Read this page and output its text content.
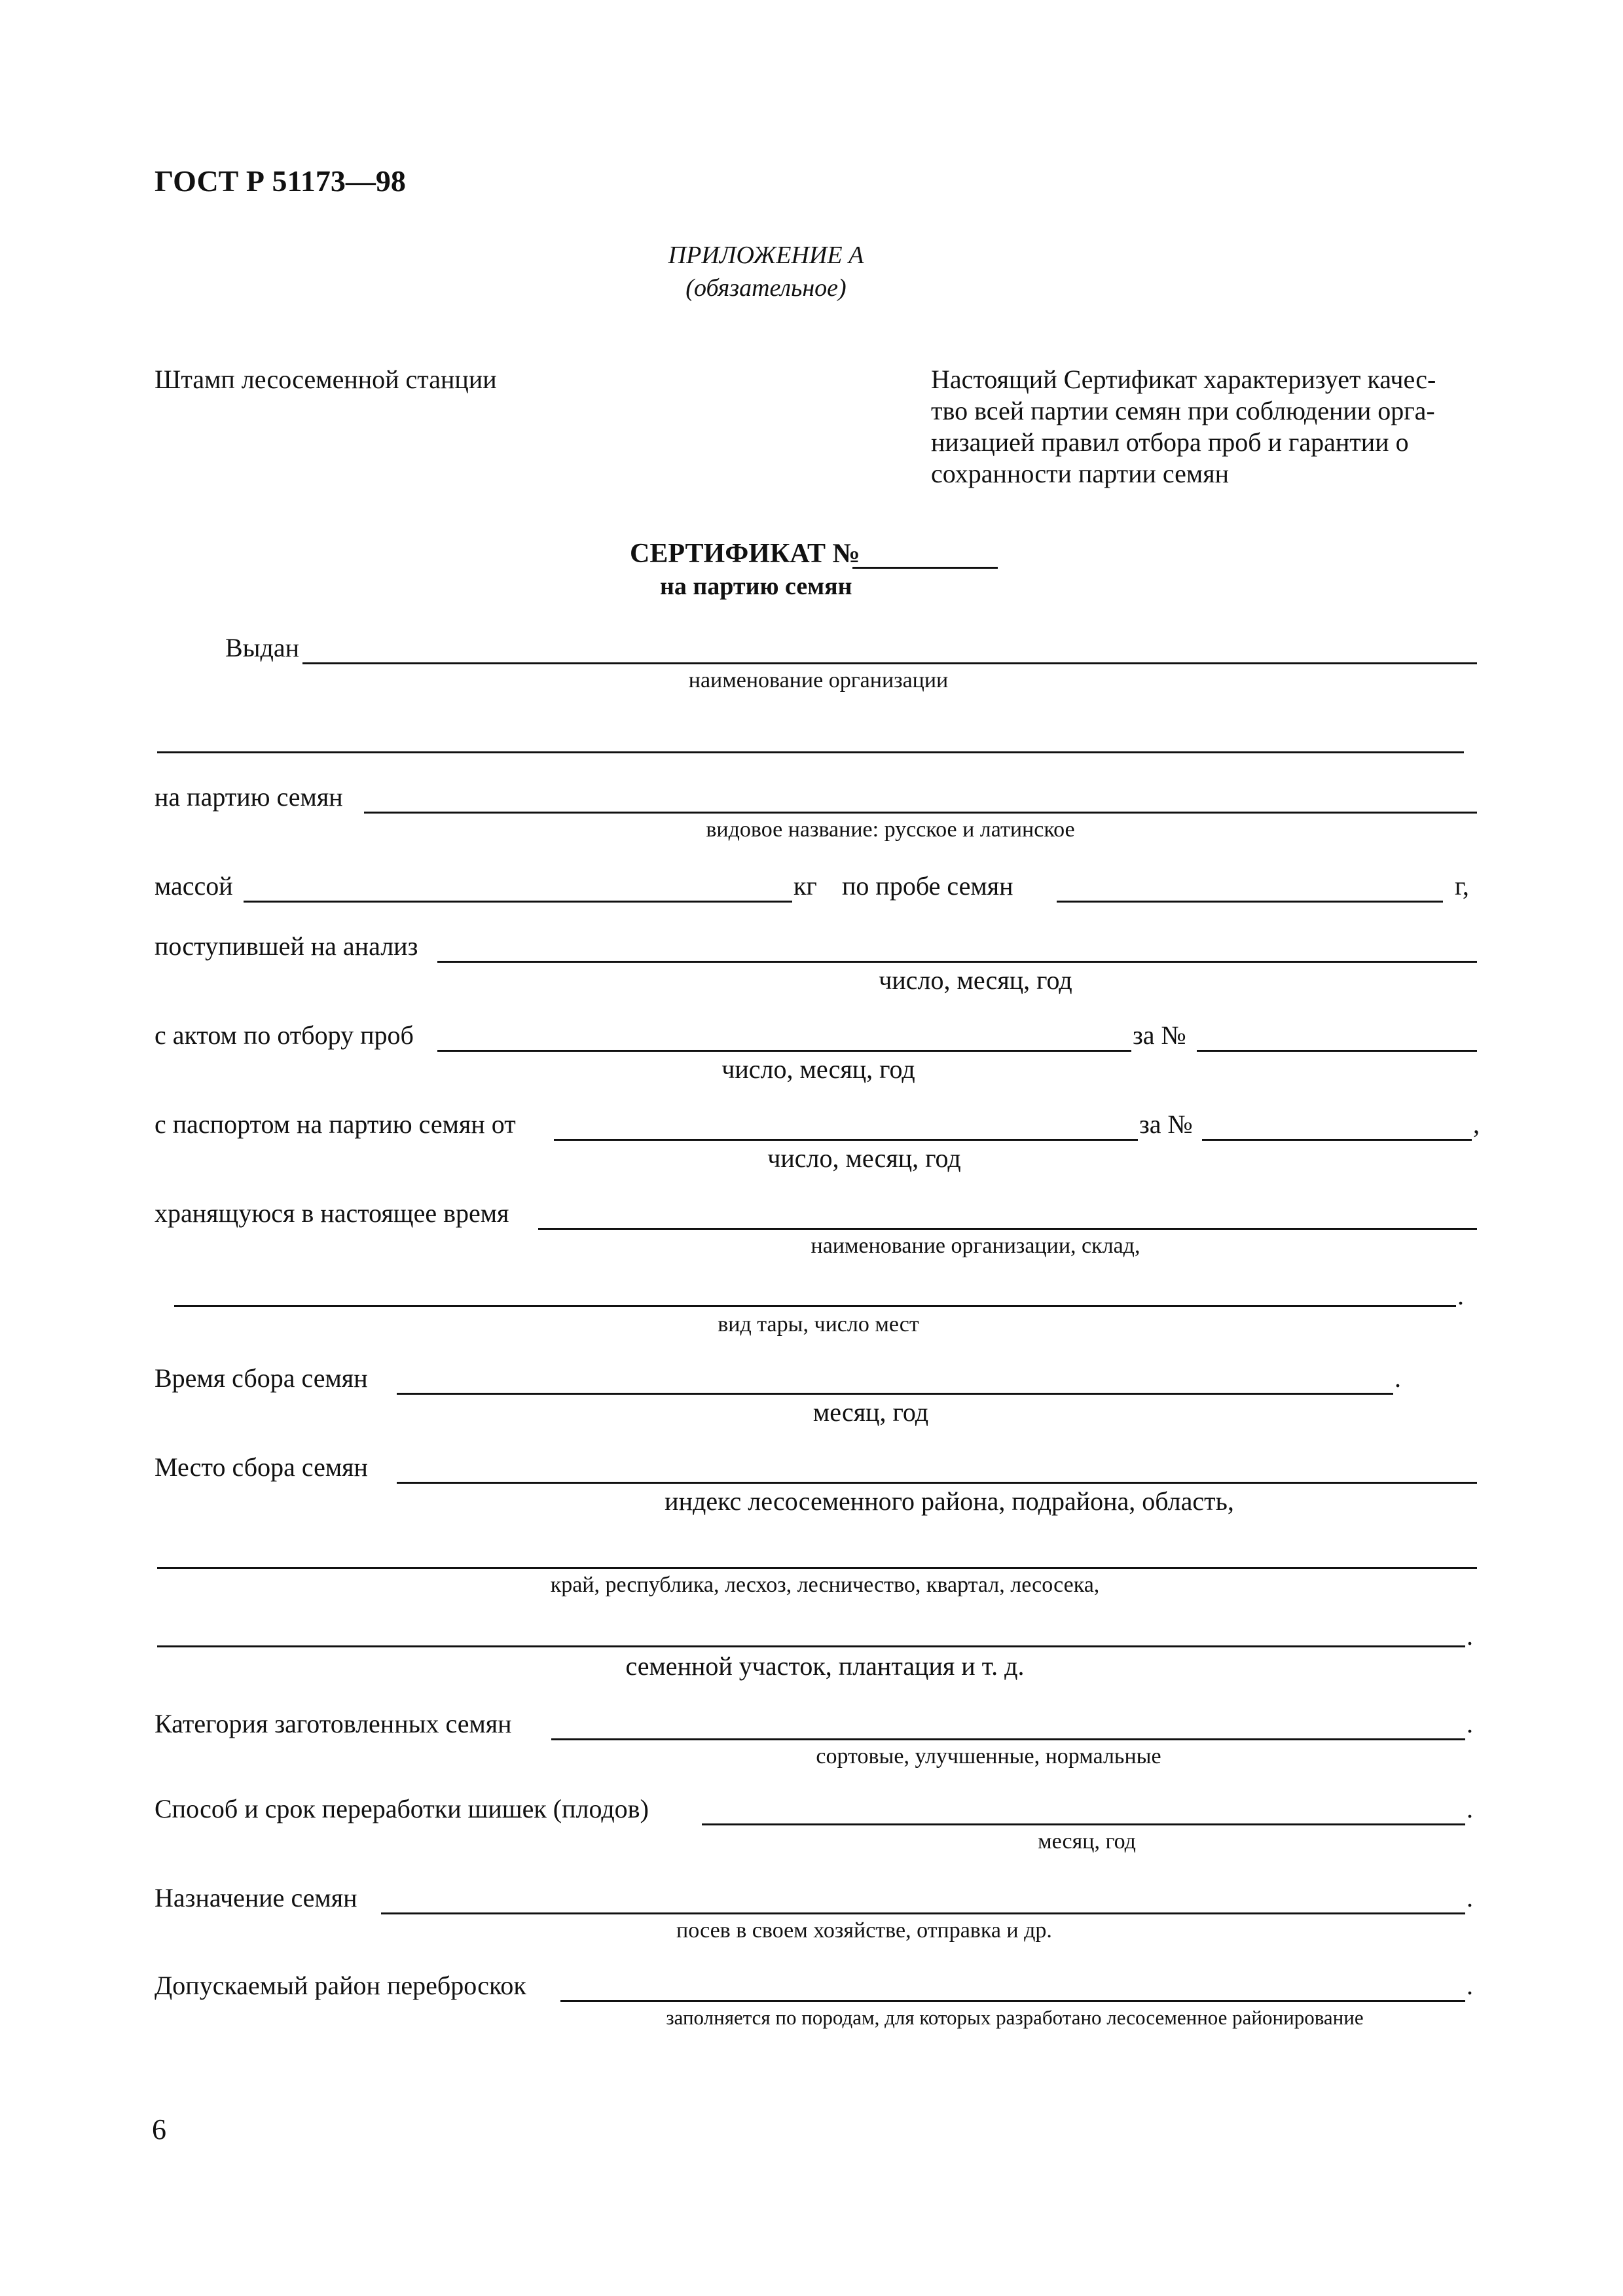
ГОСТ Р 51173—98
ПРИЛОЖЕНИЕ А
(обязательное)
Штамп лесосеменной станции	Настоящий Сертификат характеризует качес-
тво всей партии семян при соблюдении орга-
низацией правил отбора проб и гарантии о
сохранности партии семян
СЕРТИФИКАТ №
на партию семян
Выдан
наименование организации
на партию семян
видовое название: русское и латинское
массой	кг по пробе семян	г,
поступившей на анализ
число, месяц, год
с актом по отбору проб	за №
число, месяц, год
с паспортом на партию семян от	за №	,
число, месяц, год
хранящуюся в настоящее время
наименование организации, склад,
.
вид тары, число мест
Время сбора семян	.
месяц, год
Место сбора семян
индекс лесосеменного района, подрайона, область,
край, республика, лесхоз, лесничество, квартал, лесосека,
.
семенной участок, плантация и т. д.
Категория заготовленных семян	.
сортовые, улучшенные, нормальные
Способ и срок переработки шишек (плодов)	.
месяц, год
Назначение семян	.
посев в своем хозяйстве, отправка и др.
Допускаемый район переброскок	.
заполняется по породам, для которых разработано лесосеменное районирование
6
